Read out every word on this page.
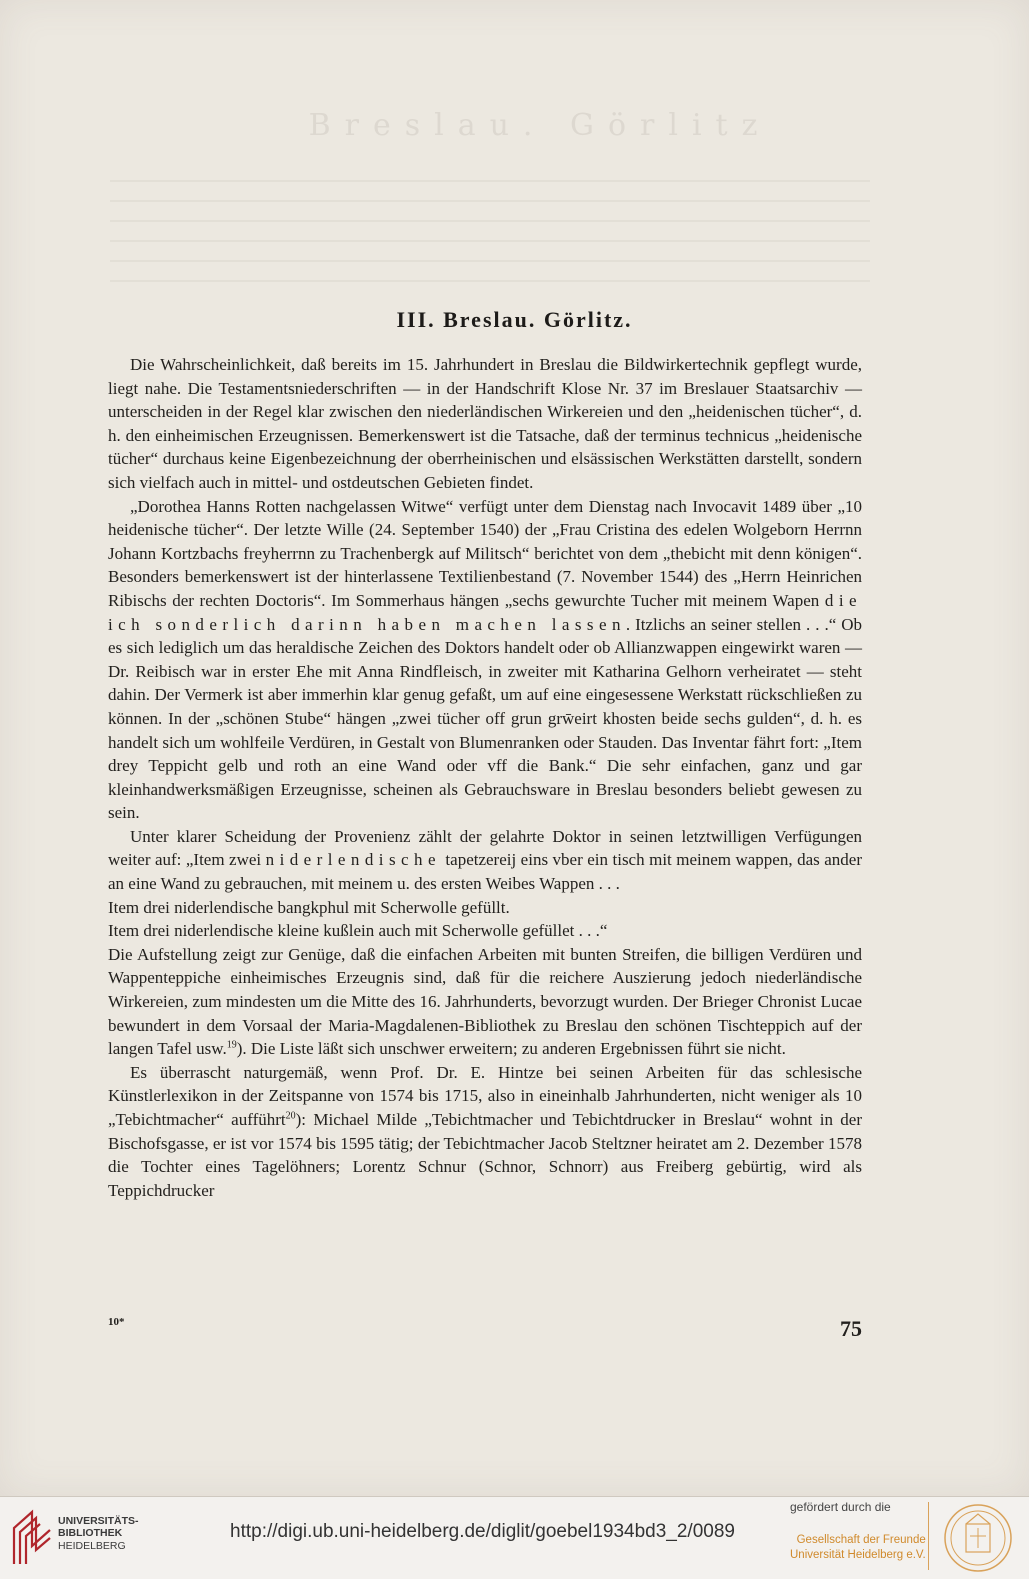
Breslau. Görlitz
III. Breslau. Görlitz.

Die Wahrscheinlichkeit, daß bereits im 15. Jahrhundert in Breslau die Bildwirkertechnik gepflegt wurde, liegt nahe. Die Testamentsniederschriften — in der Handschrift Klose Nr. 37 im Breslauer Staatsarchiv — unterscheiden in der Regel klar zwischen den niederländischen Wirkereien und den „heidenischen tücher“, d. h. den einheimischen Erzeugnissen. Bemerkenswert ist die Tatsache, daß der terminus technicus „heidenische tücher“ durchaus keine Eigenbezeichnung der oberrheinischen und elsässischen Werkstätten darstellt, sondern sich vielfach auch in mittel- und ostdeutschen Gebieten findet.

„Dorothea Hanns Rotten nachgelassen Witwe“ verfügt unter dem Dienstag nach Invocavit 1489 über „10 heidenische tücher“. Der letzte Wille (24. September 1540) der „Frau Cristina des edelen Wolgeborn Herrnn Johann Kortzbachs freyherrnn zu Trachenbergk auf Militsch“ berichtet von dem „thebicht mit denn königen“. Besonders bemerkenswert ist der hinterlassene Textilienbestand (7. November 1544) des „Herrn Heinrichen Ribischs der rechten Doctoris“. Im Sommerhaus hängen „sechs gewurchte Tucher mit meinem Wapen die ich sonderlich darinn haben machen lassen. Itzlichs an seiner stellen . . .“ Ob es sich lediglich um das heraldische Zeichen des Doktors handelt oder ob Allianzwappen eingewirkt waren — Dr. Reibisch war in erster Ehe mit Anna Rindfleisch, in zweiter mit Katharina Gelhorn verheiratet — steht dahin. Der Vermerk ist aber immerhin klar genug gefaßt, um auf eine eingesessene Werkstatt rückschließen zu können. In der „schönen Stube“ hängen „zwei tücher off grun grw̄eirt khosten beide sechs gulden“, d. h. es handelt sich um wohlfeile Verdüren, in Gestalt von Blumenranken oder Stauden. Das Inventar fährt fort: „Item drey Teppicht gelb und roth an eine Wand oder vff die Bank.“ Die sehr einfachen, ganz und gar kleinhandwerksmäßigen Erzeugnisse, scheinen als Gebrauchsware in Breslau besonders beliebt gewesen zu sein.

Unter klarer Scheidung der Provenienz zählt der gelahrte Doktor in seinen letztwilligen Verfügungen weiter auf: „Item zwei niderlendische tapetzereij eins vber ein tisch mit meinem wappen, das ander an eine Wand zu gebrauchen, mit meinem u. des ersten Weibes Wappen . . .

Item drei niderlendische bangkphul mit Scherwolle gefüllt.

Item drei niderlendische kleine kußlein auch mit Scherwolle gefüllet . . .“

Die Aufstellung zeigt zur Genüge, daß die einfachen Arbeiten mit bunten Streifen, die billigen Verdüren und Wappenteppiche einheimisches Erzeugnis sind, daß für die reichere Auszierung jedoch niederländische Wirkereien, zum mindesten um die Mitte des 16. Jahrhunderts, bevorzugt wurden. Der Brieger Chronist Lucae bewundert in dem Vorsaal der Maria-Magdalenen-Bibliothek zu Breslau den schönen Tischteppich auf der langen Tafel usw.$^{19}$). Die Liste läßt sich unschwer erweitern; zu anderen Ergebnissen führt sie nicht.

Es überrascht naturgemäß, wenn Prof. Dr. E. Hintze bei seinen Arbeiten für das schlesische Künstlerlexikon in der Zeitspanne von 1574 bis 1715, also in eineinhalb Jahrhunderten, nicht weniger als 10 „Tebichtmacher“ aufführt$^{20}$): Michael Milde „Tebichtmacher und Tebichtdrucker in Breslau“ wohnt in der Bischofsgasse, er ist vor 1574 bis 1595 tätig; der Tebichtmacher Jacob Steltzner heiratet am 2. Dezember 1578 die Tochter eines Tagelöhners; Lorentz Schnur (Schnor, Schnorr) aus Freiberg gebürtig, wird als Teppichdrucker

10*	75
UNIVERSITÄTS-
BIBLIOTHEK
HEIDELBERG
http://digi.ub.uni-heidelberg.de/diglit/goebel1934bd3_2/0089
gefördert durch die
Gesellschaft der Freunde
Universität Heidelberg e.V.
